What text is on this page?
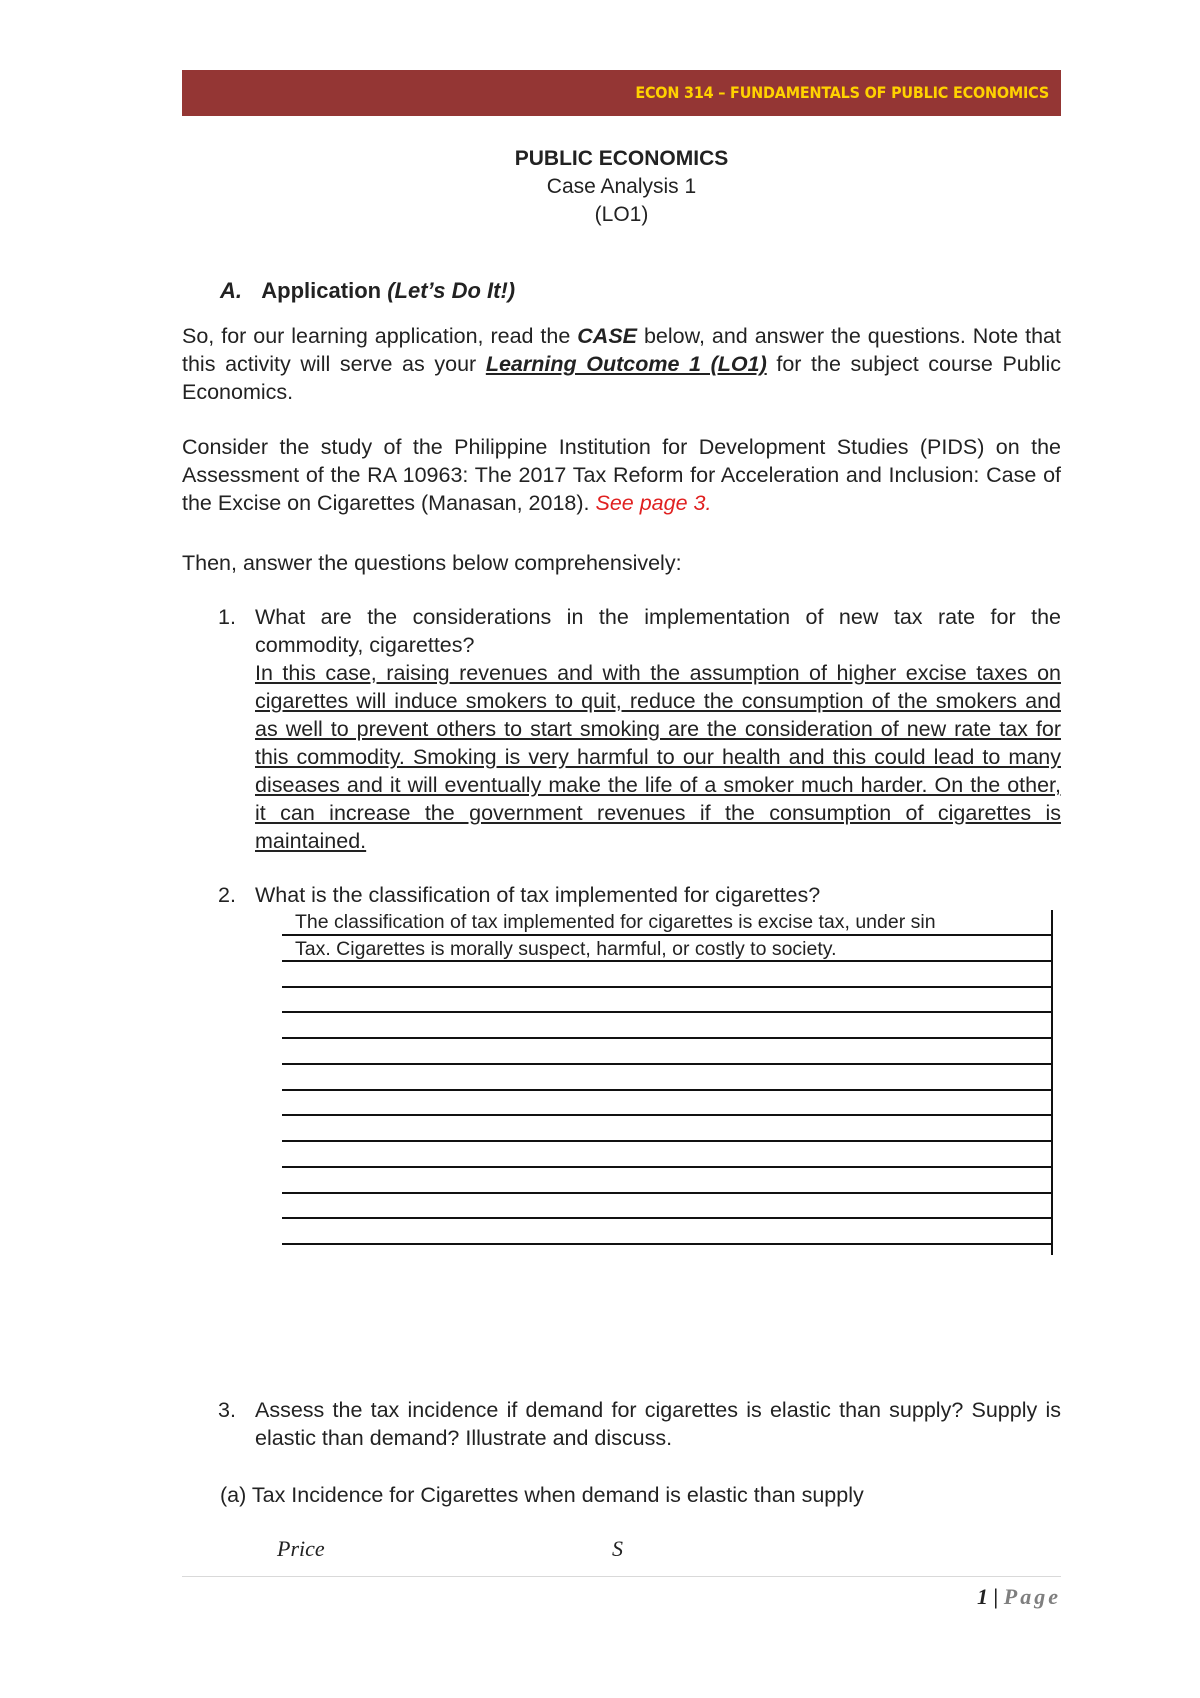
ECON 314 – FUNDAMENTALS OF PUBLIC ECONOMICS
PUBLIC ECONOMICS
Case Analysis 1
(LO1)
A. Application (Let’s Do It!)
So, for our learning application, read the CASE below, and answer the questions. Note that this activity will serve as your Learning Outcome 1 (LO1) for the subject course Public Economics.
Consider the study of the Philippine Institution for Development Studies (PIDS) on the Assessment of the RA 10963: The 2017 Tax Reform for Acceleration and Inclusion: Case of the Excise on Cigarettes (Manasan, 2018). See page 3.
Then, answer the questions below comprehensively:
1. What are the considerations in the implementation of new tax rate for the commodity, cigarettes?
In this case, raising revenues and with the assumption of higher excise taxes on cigarettes will induce smokers to quit, reduce the consumption of the smokers and as well to prevent others to start smoking are the consideration of new rate tax for this commodity. Smoking is very harmful to our health and this could lead to many diseases and it will eventually make the life of a smoker much harder. On the other, it can increase the government revenues if the consumption of cigarettes is maintained.
2. What is the classification of tax implemented for cigarettes?
The classification of tax implemented for cigarettes is excise tax, under sin
Tax. Cigarettes is morally suspect, harmful, or costly to society.
3. Assess the tax incidence if demand for cigarettes is elastic than supply? Supply is elastic than demand? Illustrate and discuss.
(a) Tax Incidence for Cigarettes when demand is elastic than supply
Price	S
1 | Page
